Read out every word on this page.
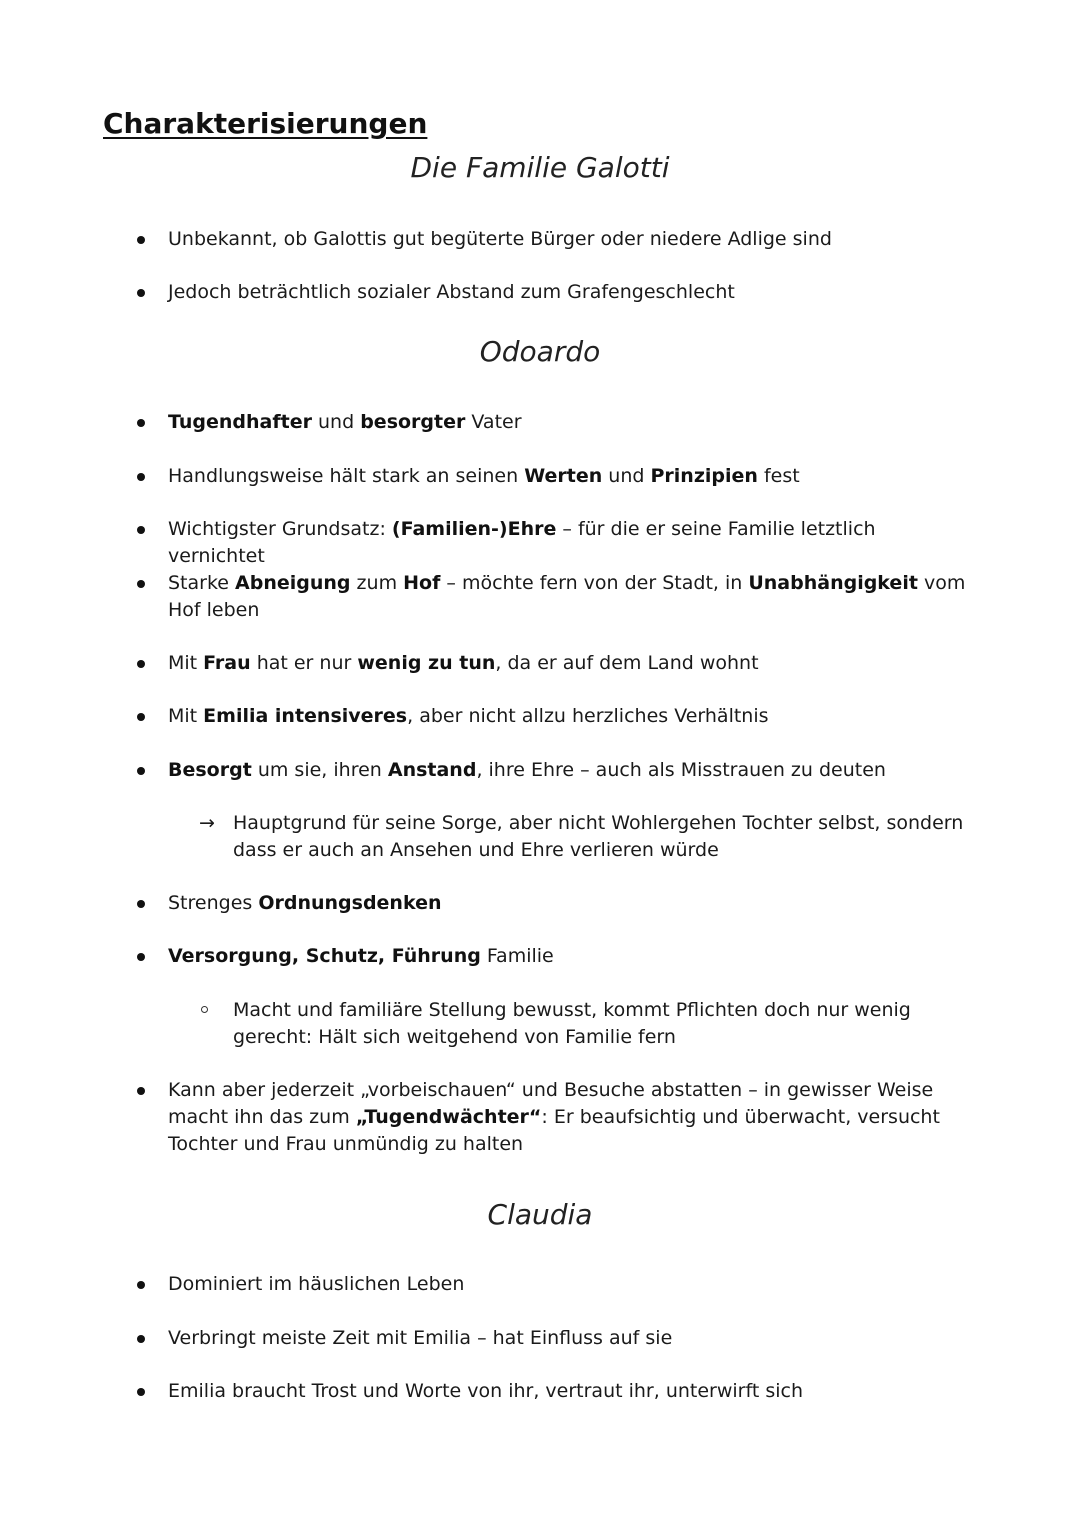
Charakterisierungen
Die Familie Galotti
Unbekannt, ob Galottis gut begüterte Bürger oder niedere Adlige sind
Jedoch beträchtlich sozialer Abstand zum Grafengeschlecht
Odoardo
Tugendhafter und besorgter Vater
Handlungsweise hält stark an seinen Werten und Prinzipien fest
Wichtigster Grundsatz: (Familien-)Ehre – für die er seine Familie letztlich vernichtet
Starke Abneigung zum Hof – möchte fern von der Stadt, in Unabhängigkeit vom Hof leben
Mit Frau hat er nur wenig zu tun, da er auf dem Land wohnt
Mit Emilia intensiveres, aber nicht allzu herzliches Verhältnis
Besorgt um sie, ihren Anstand, ihre Ehre – auch als Misstrauen zu deuten
→ Hauptgrund für seine Sorge, aber nicht Wohlergehen Tochter selbst, sondern dass er auch an Ansehen und Ehre verlieren würde
Strenges Ordnungsdenken
Versorgung, Schutz, Führung Familie
Macht und familiäre Stellung bewusst, kommt Pflichten doch nur wenig gerecht: Hält sich weitgehend von Familie fern
Kann aber jederzeit „vorbeischauen“ und Besuche abstatten – in gewisser Weise macht ihn das zum „Tugendwächter“: Er beaufsichtig und überwacht, versucht Tochter und Frau unmündig zu halten
Claudia
Dominiert im häuslichen Leben
Verbringt meiste Zeit mit Emilia – hat Einfluss auf sie
Emilia braucht Trost und Worte von ihr, vertraut ihr, unterwirft sich
